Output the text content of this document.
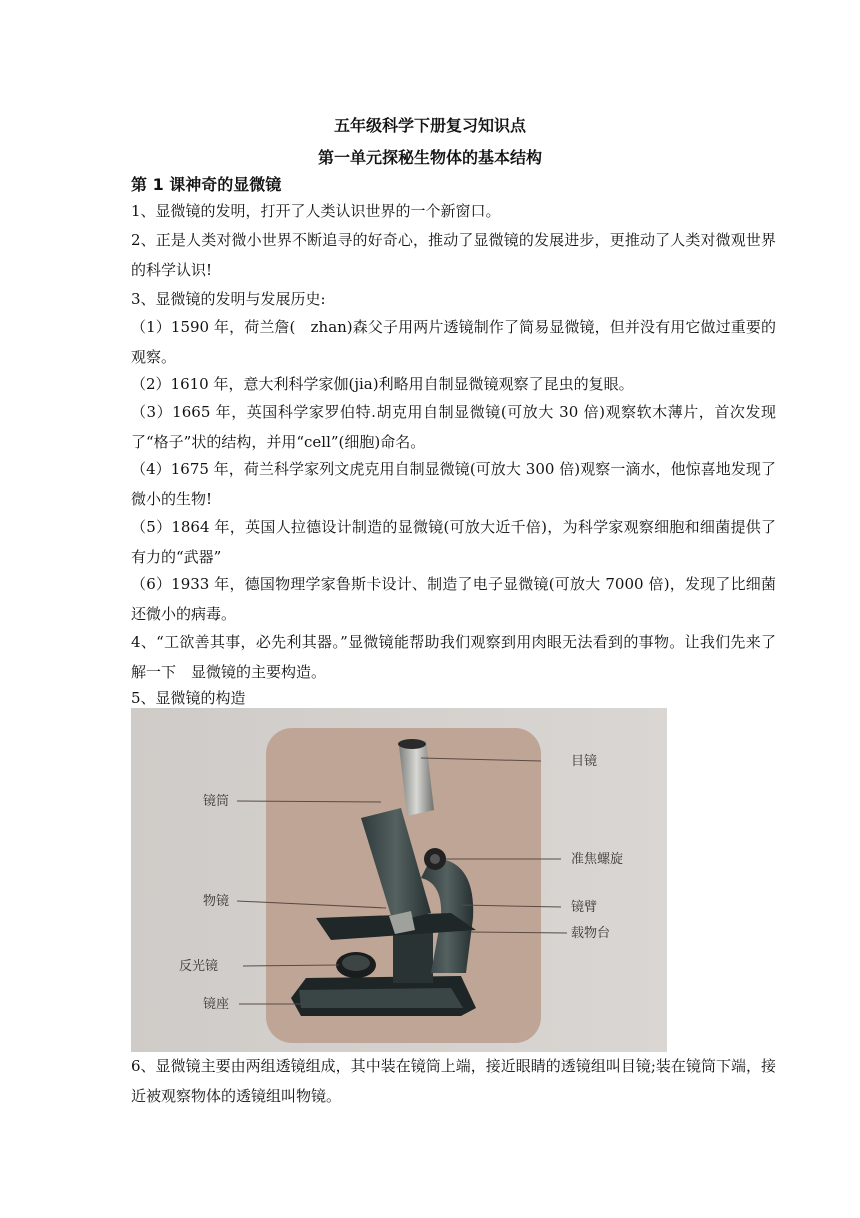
五年级科学下册复习知识点
第一单元探秘生物体的基本结构
第 1 课神奇的显微镜
1、显微镜的发明，打开了人类认识世界的一个新窗口。
2、正是人类对微小世界不断追寻的好奇心，推动了显微镜的发展进步，更推动了人类对微观世界的科学认识!
3、显微镜的发明与发展历史:
（1）1590 年，荷兰詹(　zhan)森父子用两片透镜制作了简易显微镜，但并没有用它做过重要的观察。
（2）1610 年，意大利科学家伽(jia)利略用自制显微镜观察了昆虫的复眼。
（3）1665 年，英国科学家罗伯特.胡克用自制显微镜(可放大 30 倍)观察软木薄片，首次发现了“格子”状的结构，并用“cell”(细胞)命名。
（4）1675 年，荷兰科学家列文虎克用自制显微镜(可放大 300 倍)观察一滴水，他惊喜地发现了微小的生物!
（5）1864 年，英国人拉德设计制造的显微镜(可放大近千倍)，为科学家观察细胞和细菌提供了有力的“武器”
（6）1933 年，德国物理学家鲁斯卡设计、制造了电子显微镜(可放大 7000 倍)，发现了比细菌还微小的病毒。
4、“工欲善其事，必先利其器。”显微镜能帮助我们观察到用肉眼无法看到的事物。让我们先来了解一下　显微镜的主要构造。
5、显微镜的构造
目镜
镜筒
准焦螺旋
物镜	镜臂
载物台
反光镜
镜座
6、显微镜主要由两组透镜组成，其中装在镜筒上端，接近眼睛的透镜组叫目镜;装在镜筒下端，接近被观察物体的透镜组叫物镜。
